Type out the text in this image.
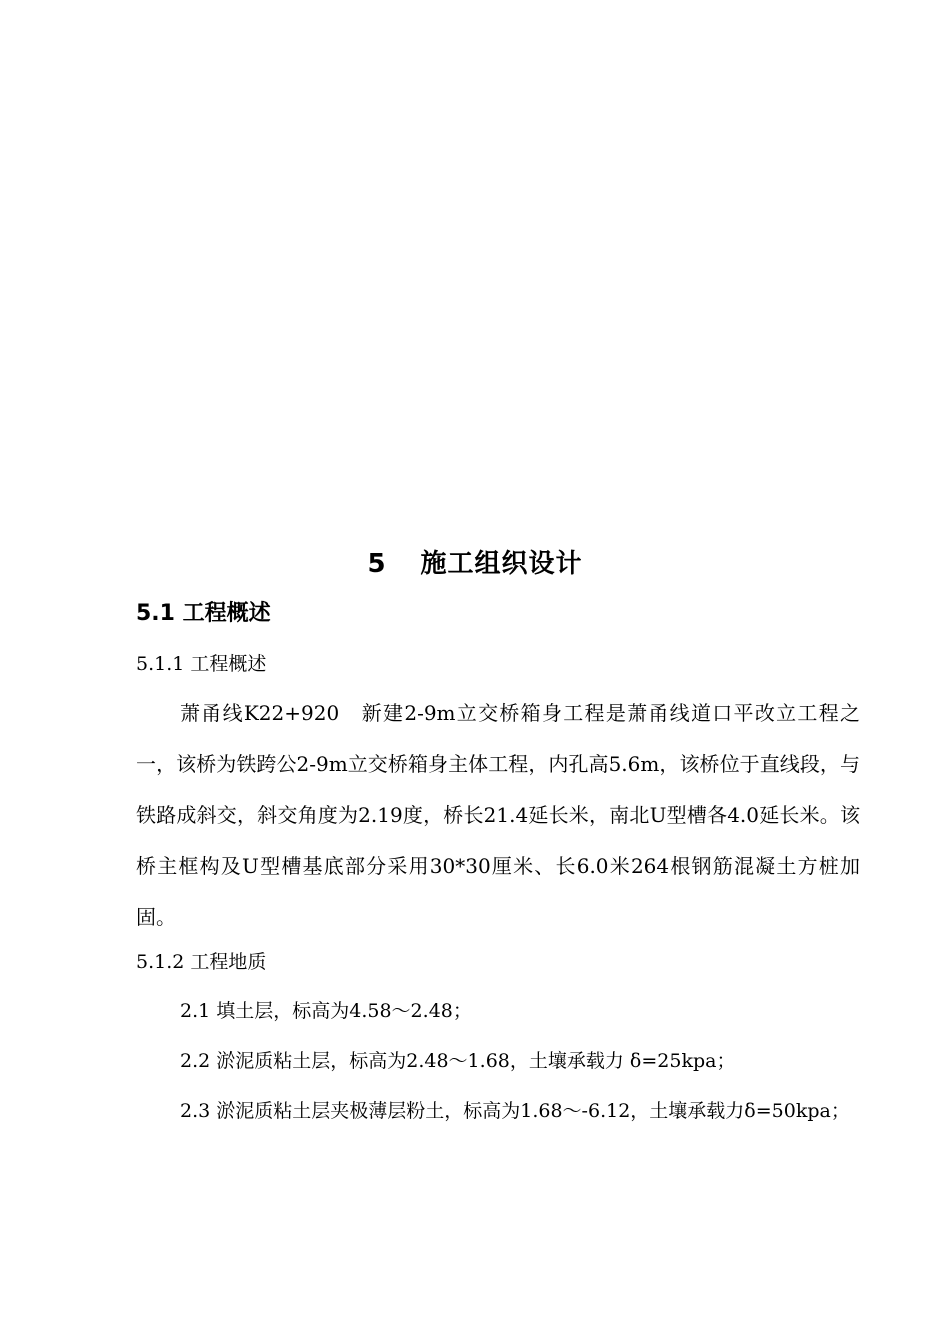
5 施工组织设计
5.1 工程概述
5.1.1 工程概述
萧甬线K22+920　新建2-9m立交桥箱身工程是萧甬线道口平改立工程之一，该桥为铁跨公2-9m立交桥箱身主体工程，内孔高5.6m，该桥位于直线段，与铁路成斜交，斜交角度为2.19度，桥长21.4延长米，南北U型槽各4.0延长米。该桥主框构及U型槽基底部分采用30*30厘米、长6.0米264根钢筋混凝土方桩加固。
5.1.2 工程地质
2.1 填土层，标高为4.58～2.48；
2.2 淤泥质粘土层，标高为2.48～1.68，土壤承载力 δ=25kpa；
2.3 淤泥质粘土层夹极薄层粉土，标高为1.68～-6.12，土壤承载力δ=50kpa；
